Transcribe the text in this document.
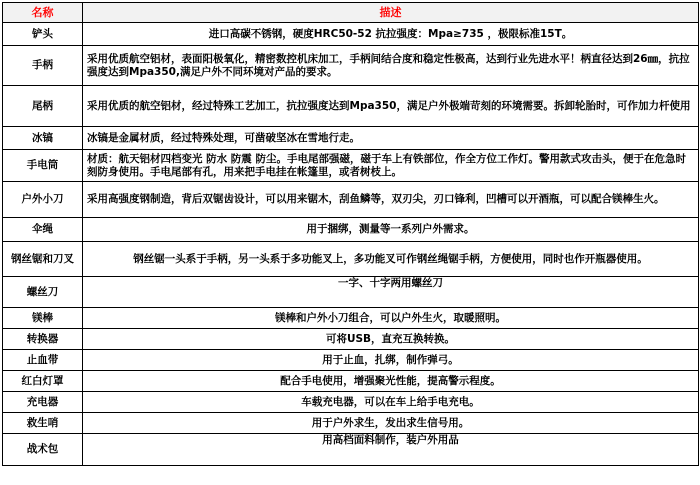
名称	描述
铲头	进口高碳不锈钢，硬度HRC50-52 抗拉强度：Mpa≥735 ，极限标准15T。
手柄	采用优质航空铝材，表面阳极氧化，精密数控机床加工，手柄间结合度和稳定性极高，达到行业先进水平！柄直径达到26㎜，抗拉强度达到Mpa350,满足户外不同环境对产品的要求。
尾柄	采用优质的航空铝材，经过特殊工艺加工，抗拉强度达到Mpa350，满足户外极端苛刻的环境需要。拆卸轮胎时，可作加力杆使用
冰镐	冰镐是金属材质，经过特殊处理，可凿破坚冰在雪地行走。
手电筒	材质：航天铝材四档变光 防水 防震 防尘。手电尾部强磁，磁于车上有铁部位，作全方位工作灯。警用款式攻击头，便于在危急时刻防身使用。手电尾部有孔，用来把手电挂在帐篷里，或者树枝上。
户外小刀	采用高强度钢制造，背后双锯齿设计，可以用来锯木，刮鱼鳞等，双刃尖，刃口锋利，凹槽可以开酒瓶，可以配合镁棒生火。
伞绳	用于捆绑，测量等一系列户外需求。
钢丝锯和刀叉	钢丝锯一头系于手柄，另一头系于多功能叉上，多功能叉可作钢丝绳锯手柄，方便使用，同时也作开瓶器使用。
螺丝刀	一字、十字两用螺丝刀
镁棒	镁棒和户外小刀组合，可以户外生火，取暖照明。
转换器	可将USB，直充互换转换。
止血带	用于止血，扎绑，制作弹弓。
红白灯罩	配合手电使用，增强聚光性能，提高警示程度。
充电器	车载充电器，可以在车上给手电充电。
救生哨	用于户外求生，发出求生信号用。
战术包	用高档面料制作，装户外用品
